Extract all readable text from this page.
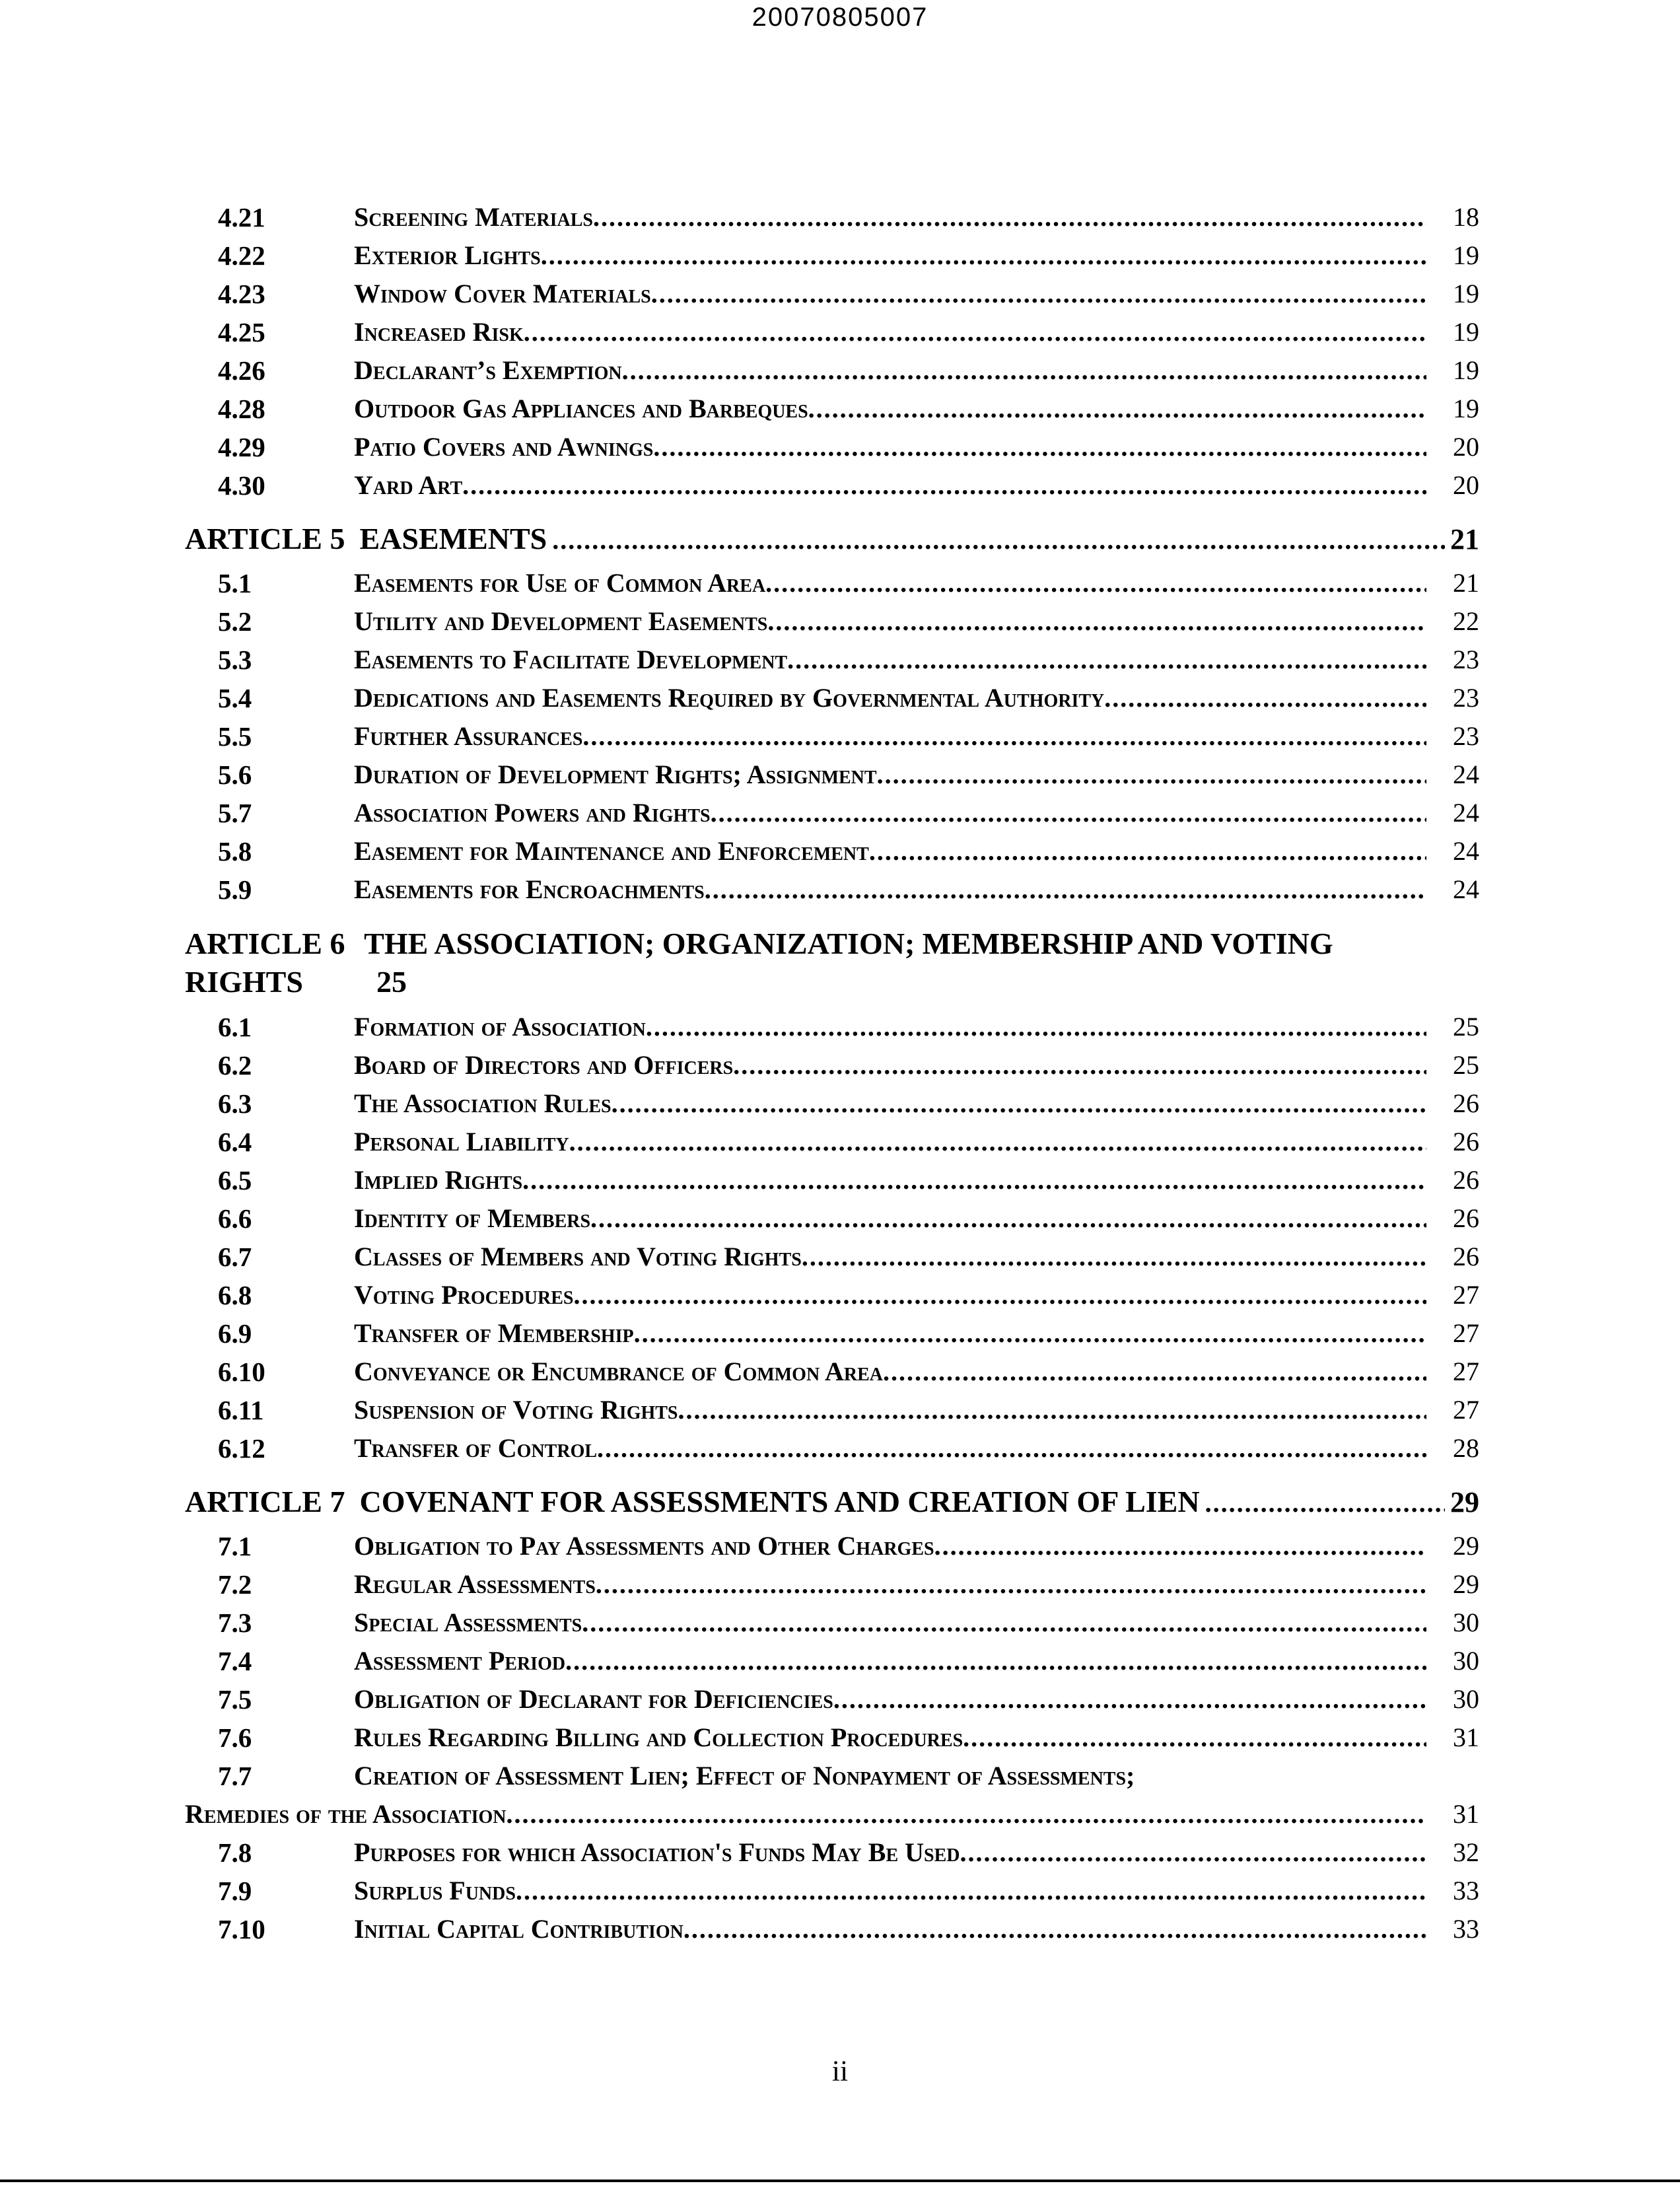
20070805007
4.21	Screening Materials . . .	18
4.22	Exterior Lights . . .	19
4.23	Window Cover Materials . . .	19
4.25	Increased Risk . . .	19
4.26	Declarant’s Exemption . . .	19
4.28	Outdoor Gas Appliances and Barbeques . . .	19
4.29	Patio Covers and Awnings . . .	20
4.30	Yard Art . . .	20
ARTICLE 5 EASEMENTS . . .	21
5.1	Easements for Use of Common Area . . .	21
5.2	Utility and Development Easements . . .	22
5.3	Easements to Facilitate Development . . .	23
5.4	Dedications and Easements Required by Governmental Authority . . .	23
5.5	Further Assurances . . .	23
5.6	Duration of Development Rights; Assignment . . .	24
5.7	Association Powers and Rights . . .	24
5.8	Easement for Maintenance and Enforcement . . .	24
5.9	Easements for Encroachments . . .	24
ARTICLE 6 THE ASSOCIATION; ORGANIZATION; MEMBERSHIP AND VOTING
RIGHTS	25
6.1	Formation of Association . . .	25
6.2	Board of Directors and Officers . . .	25
6.3	The Association Rules . . .	26
6.4	Personal Liability . . .	26
6.5	Implied Rights . . .	26
6.6	Identity of Members . . .	26
6.7	Classes of Members and Voting Rights . . .	26
6.8	Voting Procedures . . .	27
6.9	Transfer of Membership . . .	27
6.10	Conveyance or Encumbrance of Common Area . . .	27
6.11	Suspension of Voting Rights . . .	27
6.12	Transfer of Control . . .	28
ARTICLE 7 COVENANT FOR ASSESSMENTS AND CREATION OF LIEN . . .	29
7.1	Obligation to Pay Assessments and Other Charges . . .	29
7.2	Regular Assessments . . .	29
7.3	Special Assessments . . .	30
7.4	Assessment Period . . .	30
7.5	Obligation of Declarant for Deficiencies . . .	30
7.6	Rules Regarding Billing and Collection Procedures . . .	31
7.7	Creation of Assessment Lien; Effect of Nonpayment of Assessments;
Remedies of the Association . . .	31
7.8	Purposes for which Association's Funds May Be Used . . .	32
7.9	Surplus Funds . . .	33
7.10	Initial Capital Contribution . . .	33
ii
